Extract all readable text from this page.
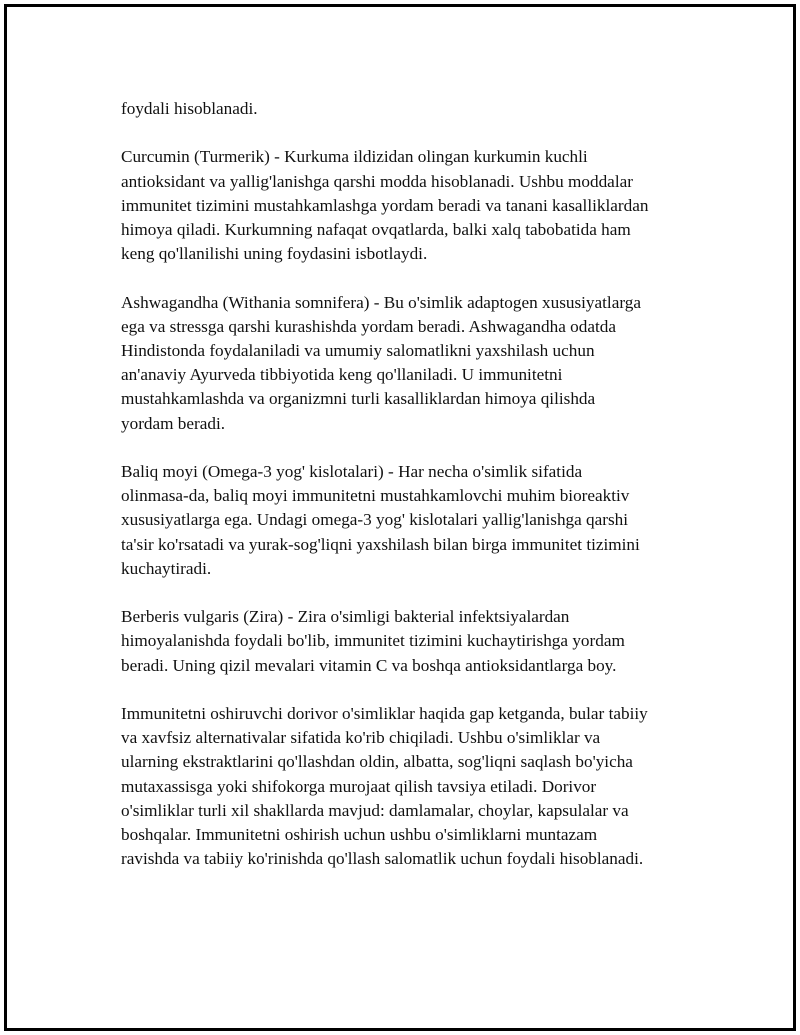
foydali hisoblanadi.

Curcumin (Turmerik) - Kurkuma ildizidan olingan kurkumin kuchli
antioksidant va yallig'lanishga qarshi modda hisoblanadi. Ushbu moddalar
immunitet tizimini mustahkamlashga yordam beradi va tanani kasalliklardan
himoya qiladi. Kurkumning nafaqat ovqatlarda, balki xalq tabobatida ham
keng qo'llanilishi uning foydasini isbotlaydi.

Ashwagandha (Withania somnifera) - Bu o'simlik adaptogen xususiyatlarga
ega va stressga qarshi kurashishda yordam beradi. Ashwagandha odatda
Hindistonda foydalaniladi va umumiy salomatlikni yaxshilash uchun
an'anaviy Ayurveda tibbiyotida keng qo'llaniladi. U immunitetni
mustahkamlashda va organizmni turli kasalliklardan himoya qilishda
yordam beradi.

Baliq moyi (Omega-3 yog' kislotalari) - Har necha o'simlik sifatida
olinmasa-da, baliq moyi immunitetni mustahkamlovchi muhim bioreaktiv
xususiyatlarga ega. Undagi omega-3 yog' kislotalari yallig'lanishga qarshi
ta'sir ko'rsatadi va yurak-sog'liqni yaxshilash bilan birga immunitet tizimini
kuchaytiradi.

Berberis vulgaris (Zira) - Zira o'simligi bakterial infektsiyalardan
himoyalanishda foydali bo'lib, immunitet tizimini kuchaytirishga yordam
beradi. Uning qizil mevalari vitamin C va boshqa antioksidantlarga boy.

Immunitetni oshiruvchi dorivor o'simliklar haqida gap ketganda, bular tabiiy
va xavfsiz alternativalar sifatida ko'rib chiqiladi. Ushbu o'simliklar va
ularning ekstraktlarini qo'llashdan oldin, albatta, sog'liqni saqlash bo'yicha
mutaxassisga yoki shifokorga murojaat qilish tavsiya etiladi. Dorivor
o'simliklar turli xil shakllarda mavjud: damlamalar, choylar, kapsulalar va
boshqalar. Immunitetni oshirish uchun ushbu o'simliklarni muntazam
ravishda va tabiiy ko'rinishda qo'llash salomatlik uchun foydali hisoblanadi.
